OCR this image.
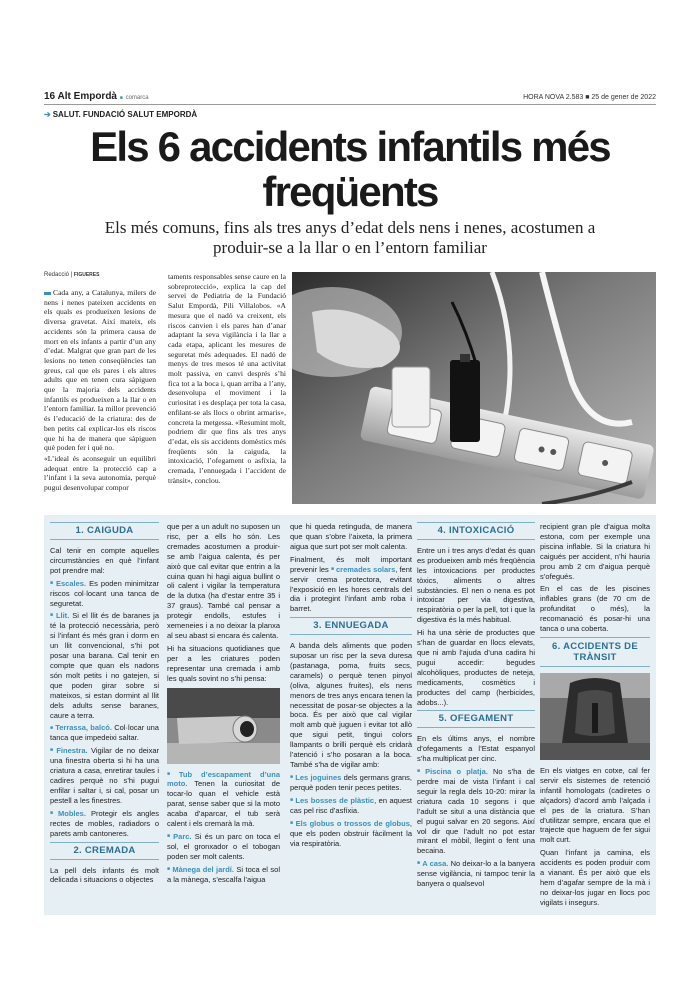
16 Alt Empordà ■ comarca	HORA NOVA 2.583 ■ 25 de gener de 2022
➔ SALUT. FUNDACIÓ SALUT EMPORDÀ
Els 6 accidents infantils més freqüents
Els més comuns, fins als tres anys d’edat dels nens i nenes, acostumen a produir-se a la llar o en l’entorn familiar
Redacció | FIGUERES

Cada any, a Catalunya, milers de nens i nenes pateixen accidents en els quals es produeixen lesions de diversa gravetat. Així mateix, els accidents són la primera causa de mort en els infants a partir d’un any d’edat. Malgrat que gran part de les lesions no tenen conseqüències tan greus, cal que els pares i els altres adults que en tenen cura sàpiguen que la majoria dels accidents infantils es produeixen a la llar o en l’entorn familiar. Ia millor prevenció és l’educació de la criatura: des de ben petits cal explicar-los els riscos que hi ha de manera que sàpiguen què poden fer i què no.

«L’ideal és aconseguir un equilibri adequat entre la protecció cap a l’infant i la seva autonomia, perquè pugui desenvolupar compor

taments responsables sense caure en la sobreprotecció», explica la cap del servei de Pediatria de la Fundació Salut Empordà, Pili Villalobos. «A mesura que el nadó va creixent, els riscos canvien i els pares han d’anar adaptant la seva vigilància i la llar a cada etapa, aplicant les mesures de seguretat més adequades. El nadó de menys de tres mesos té una activitat molt passiva, en canvi després s’hi fica tot a la boca i, quan arriba a l’any, desenvolupa el moviment i la curiositat i es desplaça per tota la casa, enfilant-se als llocs o obrint armaris», concreta la metgessa. «Resumint molt, podriem dir que fins als tres anys d’edat, els sis accidents domèstics més freqüents són la caiguda, la intoxicació, l’ofegament o asfíxia, la cremada, l’ennuegada i l’accident de trànsit», conclou.

1. CAIGUDA

Cal tenir en compte aquelles circumstàncies en què l’infant pot prendre mal:

■ Escales. Es poden minimitzar riscos col·locant una tanca de seguretat.

■ Llit. Si el llit és de baranes ja té la protecció necessària, però si l’infant és més gran i dorm en un llit convencional, s’hi pot posar una barana. Cal tenir en compte que quan els nadons són molt petits i no gatejen, si que poden girar sobre si mateixos, si estan dormint al llit dels adults sense baranes, caure a terra.

■ Terrassa, balcó. Col·locar una tanca que impedeixi saltar.

■ Finestra. Vigilar de no deixar una finestra oberta si hi ha una criatura a casa, enretirar taules i cadires perquè no s’hi pugui enfilar i saltar i, si cal, posar un pestell a les finestres.

■ Mobles. Protegir els angles rectes de mobles, radiadors o parets amb cantoneres.

2. CREMADA

La pell dels infants és molt delicada i situacions o objectes

que per a un adult no suposen un risc, per a ells ho són. Les cremades acostumen a produir-se amb l’aigua calenta, és per això que cal evitar que entrin a la cuina quan hi hagi aigua bullint o oli calent i vigilar la temperatura de la dutxa (ha d’estar entre 35 i 37 graus). També cal pensar a protegir endolls, estufes i xemeneies i a no deixar la planxa al seu abast si encara és calenta.

Hi ha situacions quotidianes que per a les criatures poden representar una cremada i amb les quals sovint no s’hi pensa:

■ Tub d’escapament d’una moto. Tenen la curiositat de tocar-lo quan el vehicle està parat, sense saber que si la moto acaba d’aparcar, el tub serà calent i els cremarà la mà.

■ Parc. Si és un parc on toca el sol, el gronxador o el tobogan poden ser molt calents.

■ Mànega del jardí. Si toca el sol a la mànega, s’escalfa l’aigua

que hi queda retinguda, de manera que quan s’obre l’aixeta, la primera aigua que surt pot ser molt calenta.

Finalment, és molt important prevenir les ■ cremades solars, fent servir crema protectora, evitant l’exposició en les hores centrals del dia i protegint l’infant amb roba i barret.

3. ENNUEGADA

A banda dels aliments que poden suposar un risc per la seva duresa (pastanaga, poma, fruits secs, caramels) o perquè tenen pinyol (oliva, algunes fruites), els nens menors de tres anys encara tenen la necessitat de posar-se objectes a la boca. És per això que cal vigilar molt amb què juguen i evitar tot allò que sigui petit, tingui colors llampants o brilli perquè els cridarà l’atenció i s’ho posaran a la boca. També s’ha de vigilar amb:

■ Les joguines dels germans grans, perquè poden tenir peces petites.

■ Les bosses de plàstic, en aquest cas pel risc d’asfíxia.

■ Els globus o trossos de globus, que els poden obstruir fàcilment la via respiratòria.

4. INTOXICACIÓ

Entre un i tres anys d’edat és quan es produeixen amb més freqüència les intoxicacions per productes tòxics, aliments o altres substàncies. El nen o nena es pot intoxicar per via digestiva, respiratòria o per la pell, tot i que la digestiva és la més habitual.

Hi ha una sèrie de productes que s’han de guardar en llocs elevats, que ni amb l’ajuda d’una cadira hi pugui accedir: begudes alcohòliques, productes de neteja, medicaments, cosmètics i productes del camp (herbicides, adobs...).

5. OFEGAMENT

En els últims anys, el nombre d’ofegaments a l’Estat espanyol s’ha multiplicat per cinc.

■ Piscina o platja. No s’ha de perdre mai de vista l’infant i cal seguir la regla dels 10-20: mirar la criatura cada 10 segons i que l’adult se situï a una distància que el pugui salvar en 20 segons. Així vol dir que l’adult no pot estar mirant el mòbil, llegint o fent una becaina.

■ A casa. No deixar-lo a la banyera sense vigilància, ni tampoc tenir la banyera o qualsevol

recipient gran ple d’aigua molta estona, com per exemple una piscina inflable. Si la criatura hi caigués per accident, n’hi hauria prou amb 2 cm d’aigua perquè s’ofegués.

En el cas de les piscines inflables grans (de 70 cm de profunditat o més), la recomanació és posar-hi una tanca o una coberta.

6. ACCIDENTS DE TRÀNSIT

En els viatges en cotxe, cal fer servir els sistemes de retenció infantil homologats (cadiretes o alçadors) d’acord amb l’alçada i el pes de la criatura. S’han d’utilitzar sempre, encara que el trajecte que haguem de fer sigui molt curt.

Quan l’infant ja camina, els accidents es poden produir com a vianant. És per això que els hem d’agafar sempre de la mà i no deixar-los jugar en llocs poc vigilats i insegurs.
